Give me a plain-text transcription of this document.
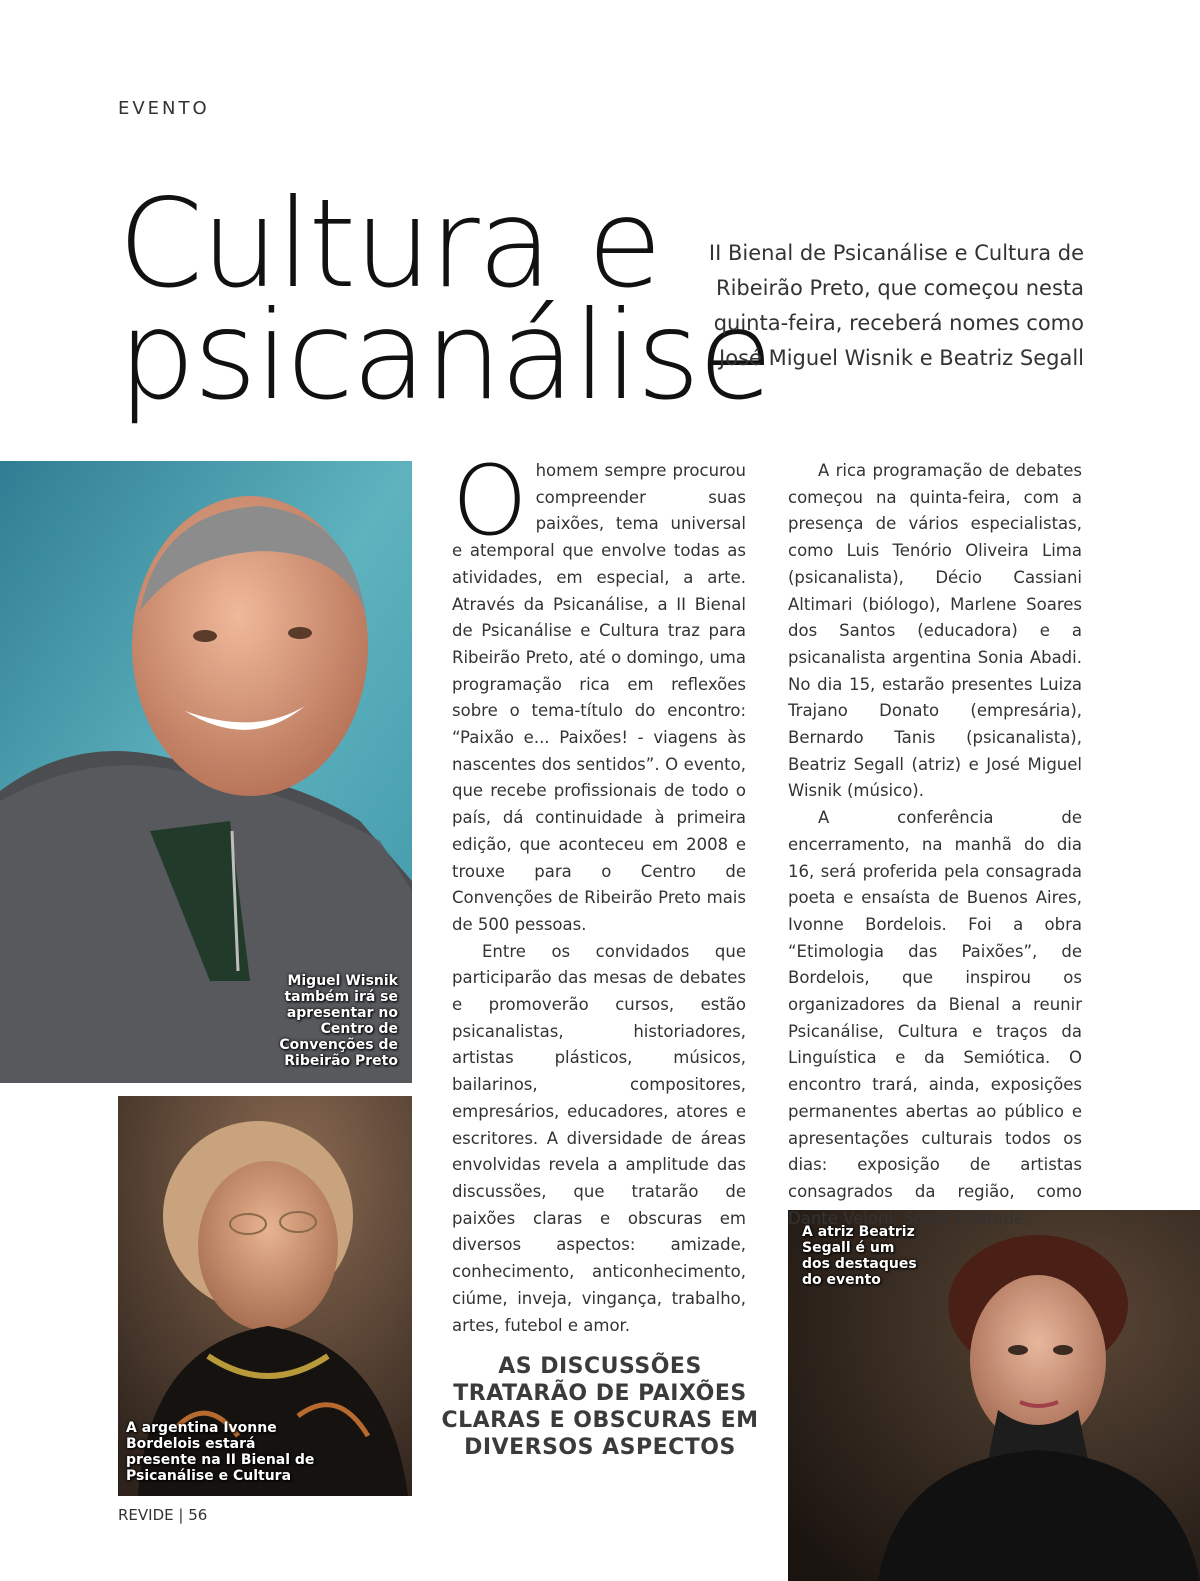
EVENTO
Cultura e
psicanálise
II Bienal de Psicanálise e Cultura de Ribeirão Preto, que começou nesta quinta-feira, receberá nomes como José Miguel Wisnik e Beatriz Segall
Miguel Wisnik também irá se apresentar no Centro de Convenções de Ribeirão Preto
A argentina Ivonne Bordelois estará presente na II Bienal de Psicanálise e Cultura
A atriz Beatriz Segall é um dos destaques do evento

Ohomem sempre procurou compreender suas paixões, tema universal e atemporal que envolve todas as atividades, em especial, a arte. Através da Psicanálise, a II Bienal de Psicanálise e Cultura traz para Ribeirão Preto, até o domingo, uma programação rica em reflexões sobre o tema-título do encontro: “Paixão e... Paixões! - viagens às nascentes dos sentidos”. O evento, que recebe profissionais de todo o país, dá continuidade à primeira edição, que aconteceu em 2008 e trouxe para o Centro de Convenções de Ribeirão Preto mais de 500 pessoas.

Entre os convidados que participarão das mesas de debates e promoverão cursos, estão psicanalistas, historiadores, artistas plásticos, músicos, bailarinos, compositores, empresários, educadores, atores e escritores. A diversidade de áreas envolvidas revela a amplitude das discussões, que tratarão de paixões claras e obscuras em diversos aspectos: amizade, conhecimento, anticonhecimento, ciúme, inveja, vingança, trabalho, artes, futebol e amor.

A rica programação de debates começou na quinta-feira, com a presença de vários especialistas, como Luis Tenório Oliveira Lima (psicanalista), Décio Cassiani Altimari (biólogo), Marlene Soares dos Santos (educadora) e a psicanalista argentina Sonia Abadi. No dia 15, estarão presentes Luiza Trajano Donato (empresária), Bernardo Tanis (psicanalista), Beatriz Segall (atriz) e José Miguel Wisnik (músico).

A conferência de encerramento, na manhã do dia 16, será proferida pela consagrada poeta e ensaísta de Buenos Aires, Ivonne Bordelois. Foi a obra “Etimologia das Paixões”, de Bordelois, que inspirou os organizadores da Bienal a reunir Psicanálise, Cultura e traços da Linguística e da Semiótica. O encontro trará, ainda, exposições permanentes abertas ao público e apresentações culturais todos os dias: exposição de artistas consagrados da região, como Dante Veloni, Sônia Andrade,

AS DISCUSSÕES TRATARÃO DE PAIXÕES CLARAS E OBSCURAS EM DIVERSOS ASPECTOS
REVIDE | 56
